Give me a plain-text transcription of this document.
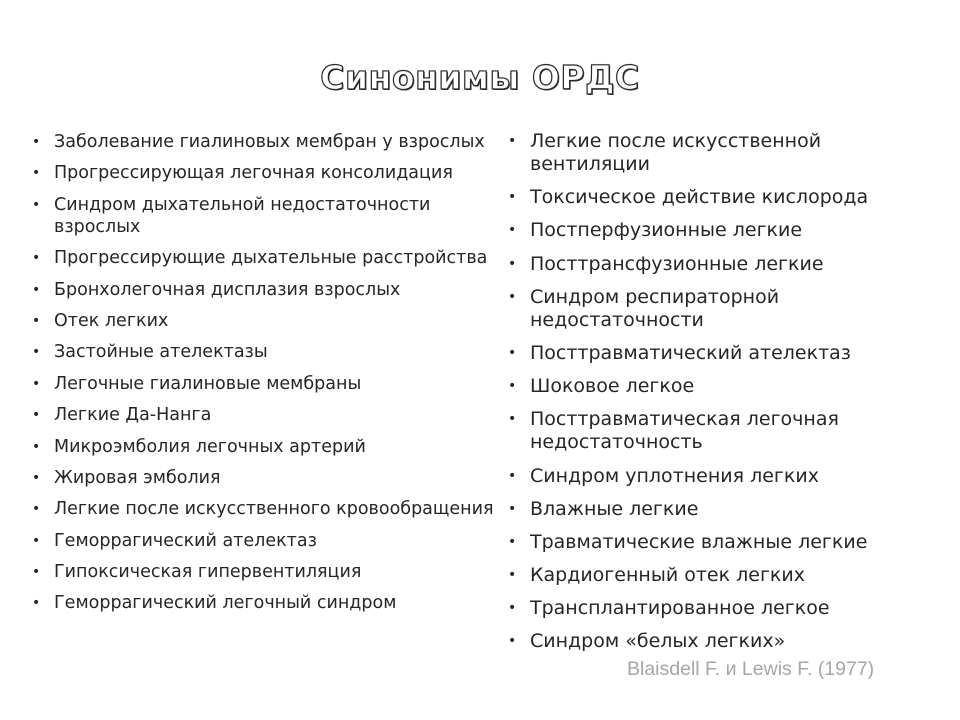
Синонимы ОРДС
• Заболевание гиалиновых мембран у взрослых
• Прогрессирующая легочная консолидация
• Синдром дыхательной недостаточности взрослых
• Прогрессирующие дыхательные расстройства
• Бронхолегочная дисплазия взрослых
• Отек легких
• Застойные ателектазы
• Легочные гиалиновые мембраны
• Легкие Да-Нанга
• Микроэмболия легочных артерий
• Жировая эмболия
• Легкие после искусственного кровообращения
• Геморрагический ателектаз
• Гипоксическая гипервентиляция
• Геморрагический легочный синдром
• Легкие после искусственной вентиляции
• Токсическое действие кислорода
• Постперфузионные легкие
• Посттрансфузионные легкие
• Синдром респираторной недостаточности
• Посттравматический ателектаз
• Шоковое легкое
• Посттравматическая легочная недостаточность
• Синдром уплотнения легких
• Влажные легкие
• Травматические влажные легкие
• Кардиогенный отек легких
• Трансплантированное легкое
• Синдром «белых легких»
Blaisdell F. и Lewis F. (1977)
